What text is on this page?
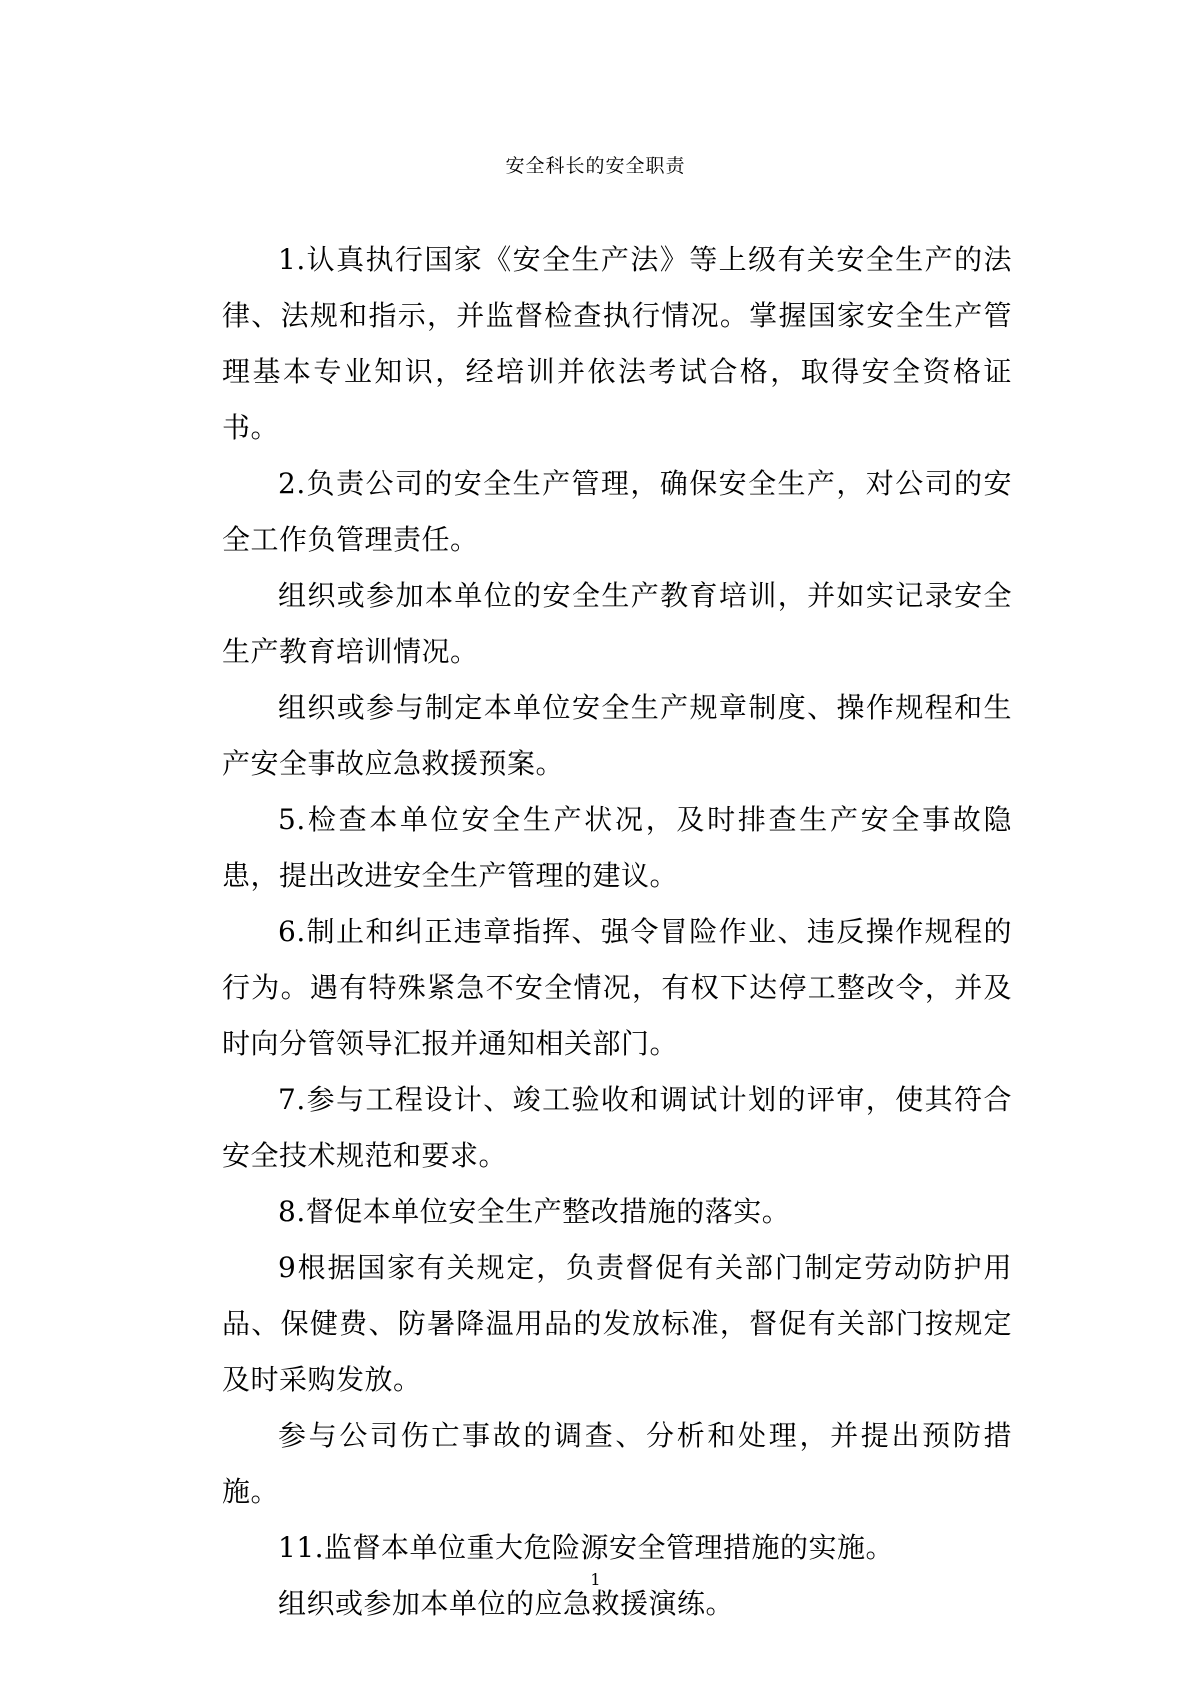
安全科长的安全职责

1.认真执行国家《安全生产法》等上级有关安全生产的法律、法规和指示，并监督检查执行情况。掌握国家安全生产管理基本专业知识，经培训并依法考试合格，取得安全资格证书。

2.负责公司的安全生产管理，确保安全生产，对公司的安全工作负管理责任。

组织或参加本单位的安全生产教育培训，并如实记录安全生产教育培训情况。

组织或参与制定本单位安全生产规章制度、操作规程和生产安全事故应急救援预案。

5.检查本单位安全生产状况，及时排查生产安全事故隐患，提出改进安全生产管理的建议。

6.制止和纠正违章指挥、强令冒险作业、违反操作规程的行为。遇有特殊紧急不安全情况，有权下达停工整改令，并及时向分管领导汇报并通知相关部门。

7.参与工程设计、竣工验收和调试计划的评审，使其符合安全技术规范和要求。

8.督促本单位安全生产整改措施的落实。

9根据国家有关规定，负责督促有关部门制定劳动防护用品、保健费、防暑降温用品的发放标准，督促有关部门按规定及时采购发放。

参与公司伤亡事故的调查、分析和处理，并提出预防措施。

11.监督本单位重大危险源安全管理措施的实施。

组织或参加本单位的应急救援演练。

1
